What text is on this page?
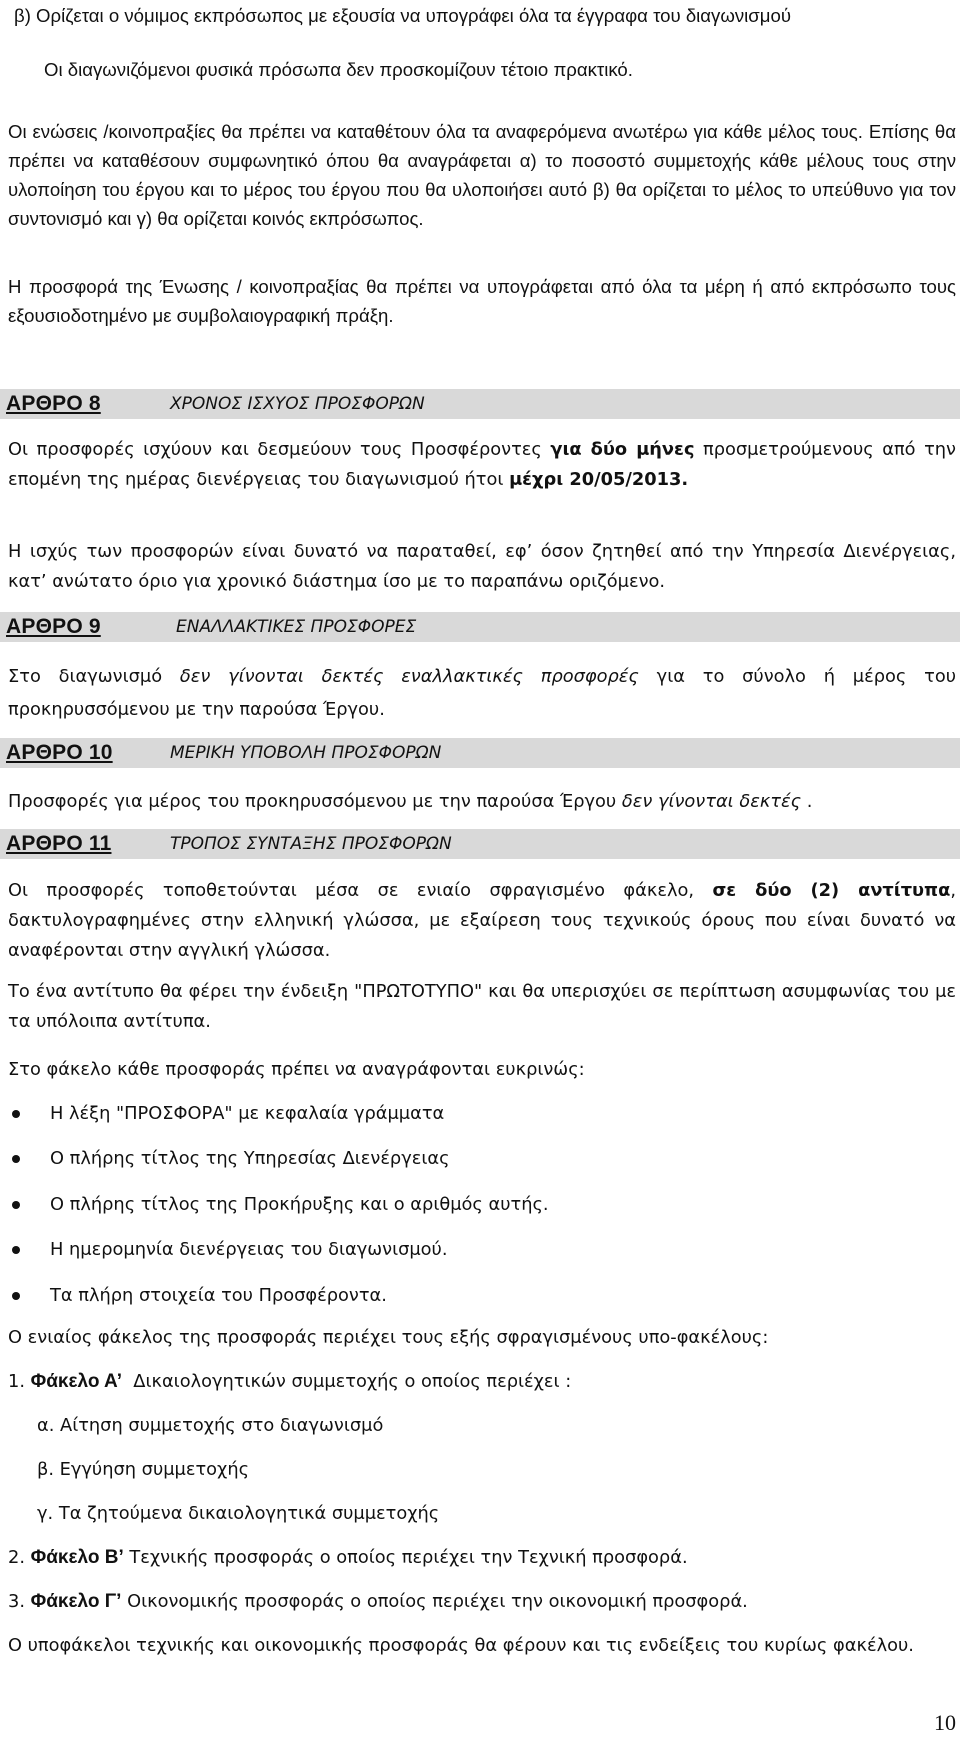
β) Ορίζεται ο νόμιμος εκπρόσωπος με εξουσία να υπογράφει όλα τα έγγραφα του διαγωνισμού

Οι διαγωνιζόμενοι φυσικά πρόσωπα δεν προσκομίζουν τέτοιο πρακτικό.

Οι ενώσεις /κοινοπραξίες θα πρέπει να καταθέτουν όλα τα αναφερόμενα ανωτέρω για κάθε μέλος τους. Επίσης θα πρέπει να καταθέσουν συμφωνητικό όπου θα αναγράφεται α) το ποσοστό συμμετοχής κάθε μέλους τους στην υλοποίηση του έργου και το μέρος του έργου που θα υλοποιήσει αυτό β) θα ορίζεται το μέλος το υπεύθυνο για τον συντονισμό και γ) θα ορίζεται κοινός εκπρόσωπος.

Η προσφορά της Ένωσης / κοινοπραξίας θα πρέπει να υπογράφεται από όλα τα μέρη ή από εκπρόσωπο τους εξουσιοδοτημένο με συμβολαιογραφική πράξη.

ΑΡΘΡΟ 8	ΧΡΟΝΟΣ ΙΣΧΥΟΣ ΠΡΟΣΦΟΡΩΝ

Οι προσφορές ισχύουν και δεσμεύουν τους Προσφέροντες για δύο μήνες προσμετρούμενους από την επομένη της ημέρας διενέργειας του διαγωνισμού ήτοι μέχρι 20/05/2013.

Η ισχύς των προσφορών είναι δυνατό να παραταθεί, εφ’ όσον ζητηθεί από την Υπηρεσία Διενέργειας, κατ’ ανώτατο όριο για χρονικό διάστημα ίσο με το παραπάνω οριζόμενο.

ΑΡΘΡΟ 9	ΕΝΑΛΛΑΚΤΙΚΕΣ ΠΡΟΣΦΟΡΕΣ

Στο διαγωνισμό δεν γίνονται δεκτές εναλλακτικές προσφορές για το σύνολο ή μέρος του προκηρυσσόμενου με την παρούσα Έργου.

ΑΡΘΡΟ 10	ΜΕΡΙΚΗ ΥΠΟΒΟΛΗ ΠΡΟΣΦΟΡΩΝ

Προσφορές για μέρος του προκηρυσσόμενου με την παρούσα Έργου δεν γίνονται δεκτές .

ΑΡΘΡΟ 11	ΤΡΟΠΟΣ ΣΥΝΤΑΞΗΣ ΠΡΟΣΦΟΡΩΝ

Οι προσφορές τοποθετούνται μέσα σε ενιαίο σφραγισμένο φάκελο, σε δύο (2) αντίτυπα, δακτυλογραφημένες στην ελληνική γλώσσα, με εξαίρεση τους τεχνικούς όρους που είναι δυνατό να αναφέρονται στην αγγλική γλώσσα.

Το ένα αντίτυπο θα φέρει την ένδειξη "ΠΡΩΤΟΤΥΠΟ" και θα υπερισχύει σε περίπτωση ασυμφωνίας του με τα υπόλοιπα αντίτυπα.

Στο φάκελο κάθε προσφοράς πρέπει να αναγράφονται ευκρινώς:

Η λέξη "ΠΡΟΣΦΟΡΑ" με κεφαλαία γράμματα
Ο πλήρης τίτλος της Υπηρεσίας Διενέργειας
Ο πλήρης τίτλος της Προκήρυξης και ο αριθμός αυτής.
Η ημερομηνία διενέργειας του διαγωνισμού.
Τα πλήρη στοιχεία του Προσφέροντα.
Ο ενιαίος φάκελος της προσφοράς περιέχει τους εξής σφραγισμένους υπο-φακέλους:
1. Φάκελο Α’ Δικαιολογητικών συμμετοχής ο οποίος περιέχει :
α. Αίτηση συμμετοχής στο διαγωνισμό
β. Εγγύηση συμμετοχής
γ. Τα ζητούμενα δικαιολογητικά συμμετοχής
2. Φάκελο Β’ Τεχνικής προσφοράς ο οποίος περιέχει την Τεχνική προσφορά.
3. Φάκελο Γ’ Οικονομικής προσφοράς ο οποίος περιέχει την οικονομική προσφορά.

Ο υποφάκελοι τεχνικής και οικονομικής προσφοράς θα φέρουν και τις ενδείξεις του κυρίως φακέλου.

10
